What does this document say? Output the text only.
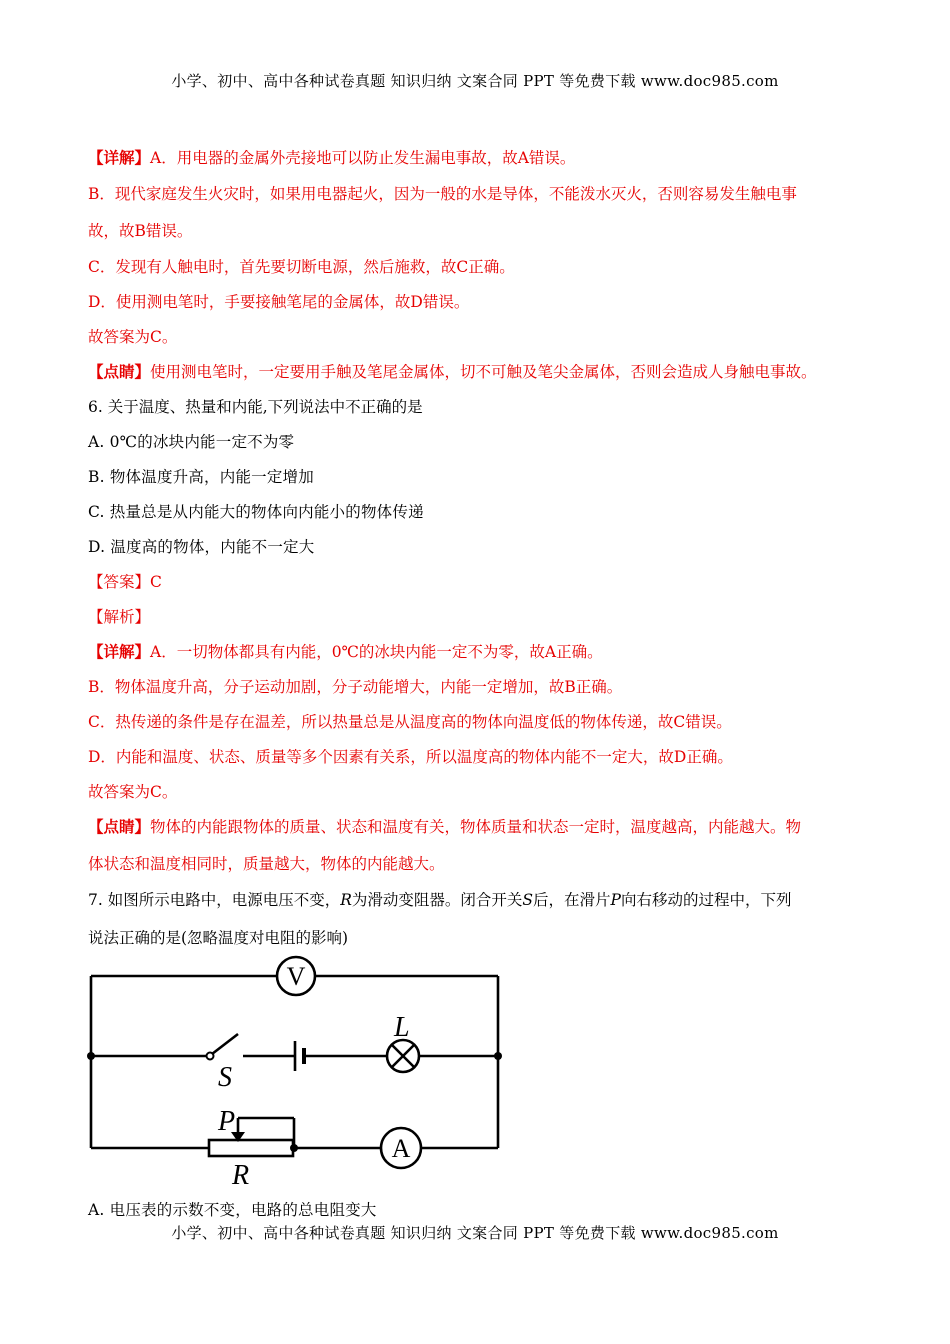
小学、初中、高中各种试卷真题 知识归纳 文案合同 PPT 等免费下载 www.doc985.com
【详解】A．用电器的金属外壳接地可以防止发生漏电事故，故A错误。
B．现代家庭发生火灾时，如果用电器起火，因为一般的水是导体，不能泼水灭火，否则容易发生触电事
故，故B错误。
C．发现有人触电时，首先要切断电源，然后施救，故C正确。
D．使用测电笔时，手要接触笔尾的金属体，故D错误。
故答案为C。
【点睛】使用测电笔时，一定要用手触及笔尾金属体，切不可触及笔尖金属体，否则会造成人身触电事故。
6. 关于温度、热量和内能,下列说法中不正确的是
A. 0℃的冰块内能一定不为零
B. 物体温度升高，内能一定增加
C. 热量总是从内能大的物体向内能小的物体传递
D. 温度高的物体，内能不一定大
【答案】C
【解析】
【详解】A．一切物体都具有内能，0℃的冰块内能一定不为零，故A正确。
B．物体温度升高，分子运动加剧，分子动能增大，内能一定增加，故B正确。
C．热传递的条件是存在温差，所以热量总是从温度高的物体向温度低的物体传递，故C错误。
D．内能和温度、状态、质量等多个因素有关系，所以温度高的物体内能不一定大，故D正确。
故答案为C。
【点睛】物体的内能跟物体的质量、状态和温度有关，物体质量和状态一定时，温度越高，内能越大。物
体状态和温度相同时，质量越大，物体的内能越大。
7. 如图所示电路中，电源电压不变，R为滑动变阻器。闭合开关S后，在滑片P向右移动的过程中，下列
说法正确的是(忽略温度对电阻的影响)
V
A
L
S
P
R
A. 电压表的示数不变，电路的总电阻变大
小学、初中、高中各种试卷真题 知识归纳 文案合同 PPT 等免费下载 www.doc985.com
